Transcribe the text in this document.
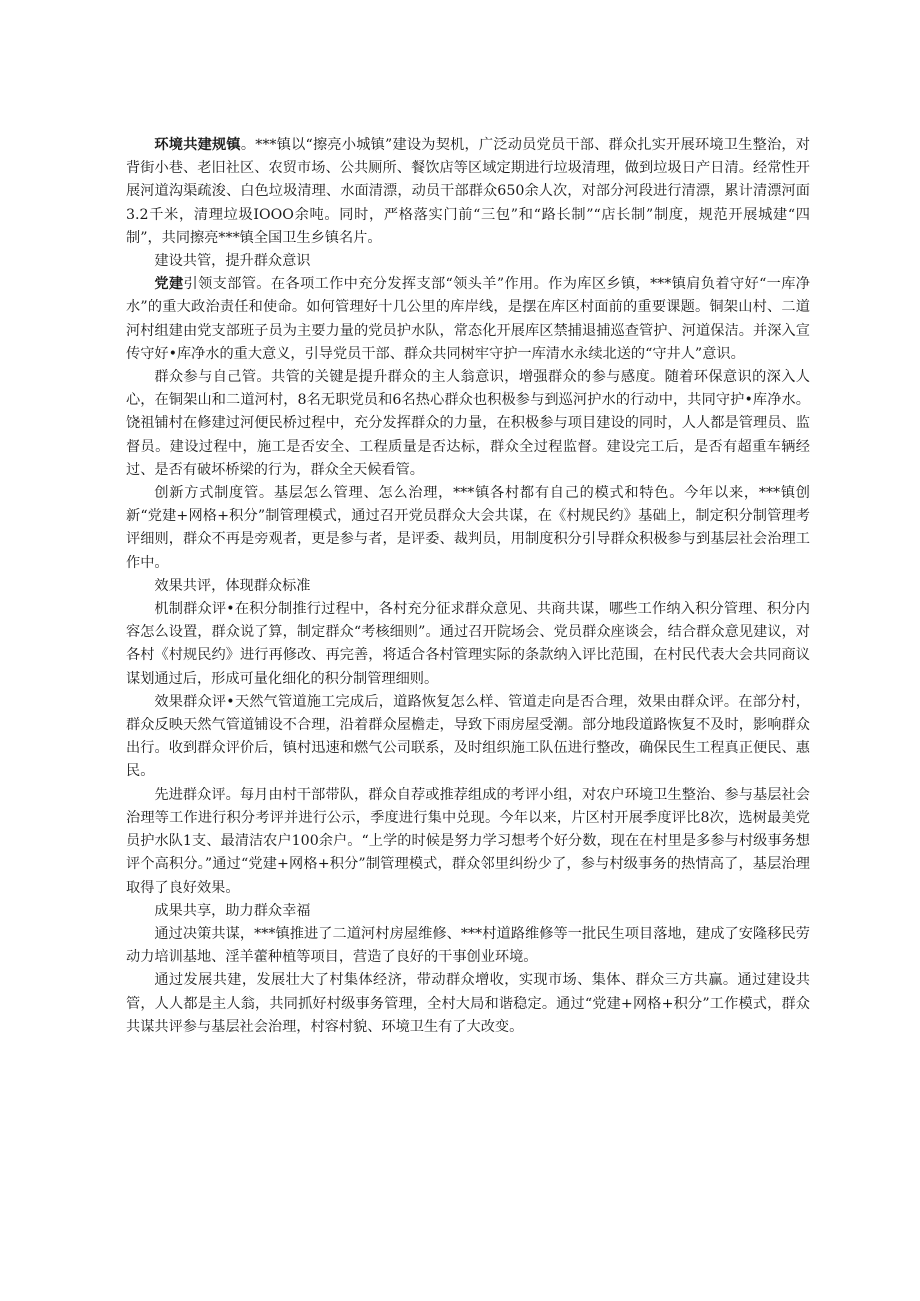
环境共建规镇。***镇以“擦亮小城镇”建设为契机，广泛动员党员干部、群众扎实开展环境卫生整治，对背街小巷、老旧社区、农贸市场、公共厕所、餐饮店等区域定期进行垃圾清理，做到垃圾日产日清。经常性开展河道沟渠疏浚、白色垃圾清理、水面清漂，动员干部群众650余人次，对部分河段进行清漂，累计清漂河面3.2千米，清理垃圾IOOO余吨。同时，严格落实门前“三包”和“路长制”“店长制”制度，规范开展城建“四制”，共同擦亮***镇全国卫生乡镇名片。

建设共管，提升群众意识

党建引领支部管。在各项工作中充分发挥支部“领头羊”作用。作为库区乡镇，***镇肩负着守好“一库净水”的重大政治责任和使命。如何管理好十几公里的库岸线，是摆在库区村面前的重要课题。铜架山村、二道河村组建由党支部班子员为主要力量的党员护水队，常态化开展库区禁捕退捕巡查管护、河道保洁。并深入宣传守好•库净水的重大意义，引导党员干部、群众共同树牢守护一库清水永续北送的“守井人”意识。

群众参与自己管。共管的关键是提升群众的主人翁意识，增强群众的参与感度。随着环保意识的深入人心，在铜架山和二道河村，8名无职党员和6名热心群众也积极参与到巡河护水的行动中，共同守护•库净水。饶祖铺村在修建过河便民桥过程中，充分发挥群众的力量，在积极参与项目建设的同时，人人都是管理员、监督员。建设过程中，施工是否安全、工程质量是否达标，群众全过程监督。建设完工后，是否有超重车辆经过、是否有破坏桥梁的行为，群众全天候看管。

创新方式制度管。基层怎么管理、怎么治理，***镇各村都有自己的模式和特色。今年以来，***镇创新“党建+网格+积分”制管理模式，通过召开党员群众大会共谋，在《村规民约》基础上，制定积分制管理考评细则，群众不再是旁观者，更是参与者，是评委、裁判员，用制度积分引导群众积极参与到基层社会治理工作中。

效果共评，体现群众标准

机制群众评•在积分制推行过程中，各村充分征求群众意见、共商共谋，哪些工作纳入积分管理、积分内容怎么设置，群众说了算，制定群众“考核细则”。通过召开院场会、党员群众座谈会，结合群众意见建议，对各村《村规民约》进行再修改、再完善，将适合各村管理实际的条款纳入评比范围，在村民代表大会共同商议谋划通过后，形成可量化细化的积分制管理细则。

效果群众评•天然气管道施工完成后，道路恢复怎么样、管道走向是否合理，效果由群众评。在部分村，群众反映天然气管道铺设不合理，沿着群众屋檐走，导致下雨房屋受潮。部分地段道路恢复不及时，影响群众出行。收到群众评价后，镇村迅速和燃气公司联系，及时组织施工队伍进行整改，确保民生工程真正便民、惠民。

先进群众评。每月由村干部带队，群众自荐或推荐组成的考评小组，对农户环境卫生整治、参与基层社会治理等工作进行积分考评并进行公示，季度进行集中兑现。今年以来，片区村开展季度评比8次，选树最美党员护水队1支、最清洁农户100余户。“上学的时候是努力学习想考个好分数，现在在村里是多参与村级事务想评个高积分。”通过“党建+网格+积分”制管理模式，群众邻里纠纷少了，参与村级事务的热情高了，基层治理取得了良好效果。

成果共享，助力群众幸福

通过决策共谋，***镇推进了二道河村房屋维修、***村道路维修等一批民生项目落地，建成了安隆移民劳动力培训基地、淫羊藿种植等项目，营造了良好的干事创业环境。

通过发展共建，发展壮大了村集体经济，带动群众增收，实现市场、集体、群众三方共赢。通过建设共管，人人都是主人翁，共同抓好村级事务管理，全村大局和谐稳定。通过“党建+网格+积分”工作模式，群众共谋共评参与基层社会治理，村容村貌、环境卫生有了大改变。
